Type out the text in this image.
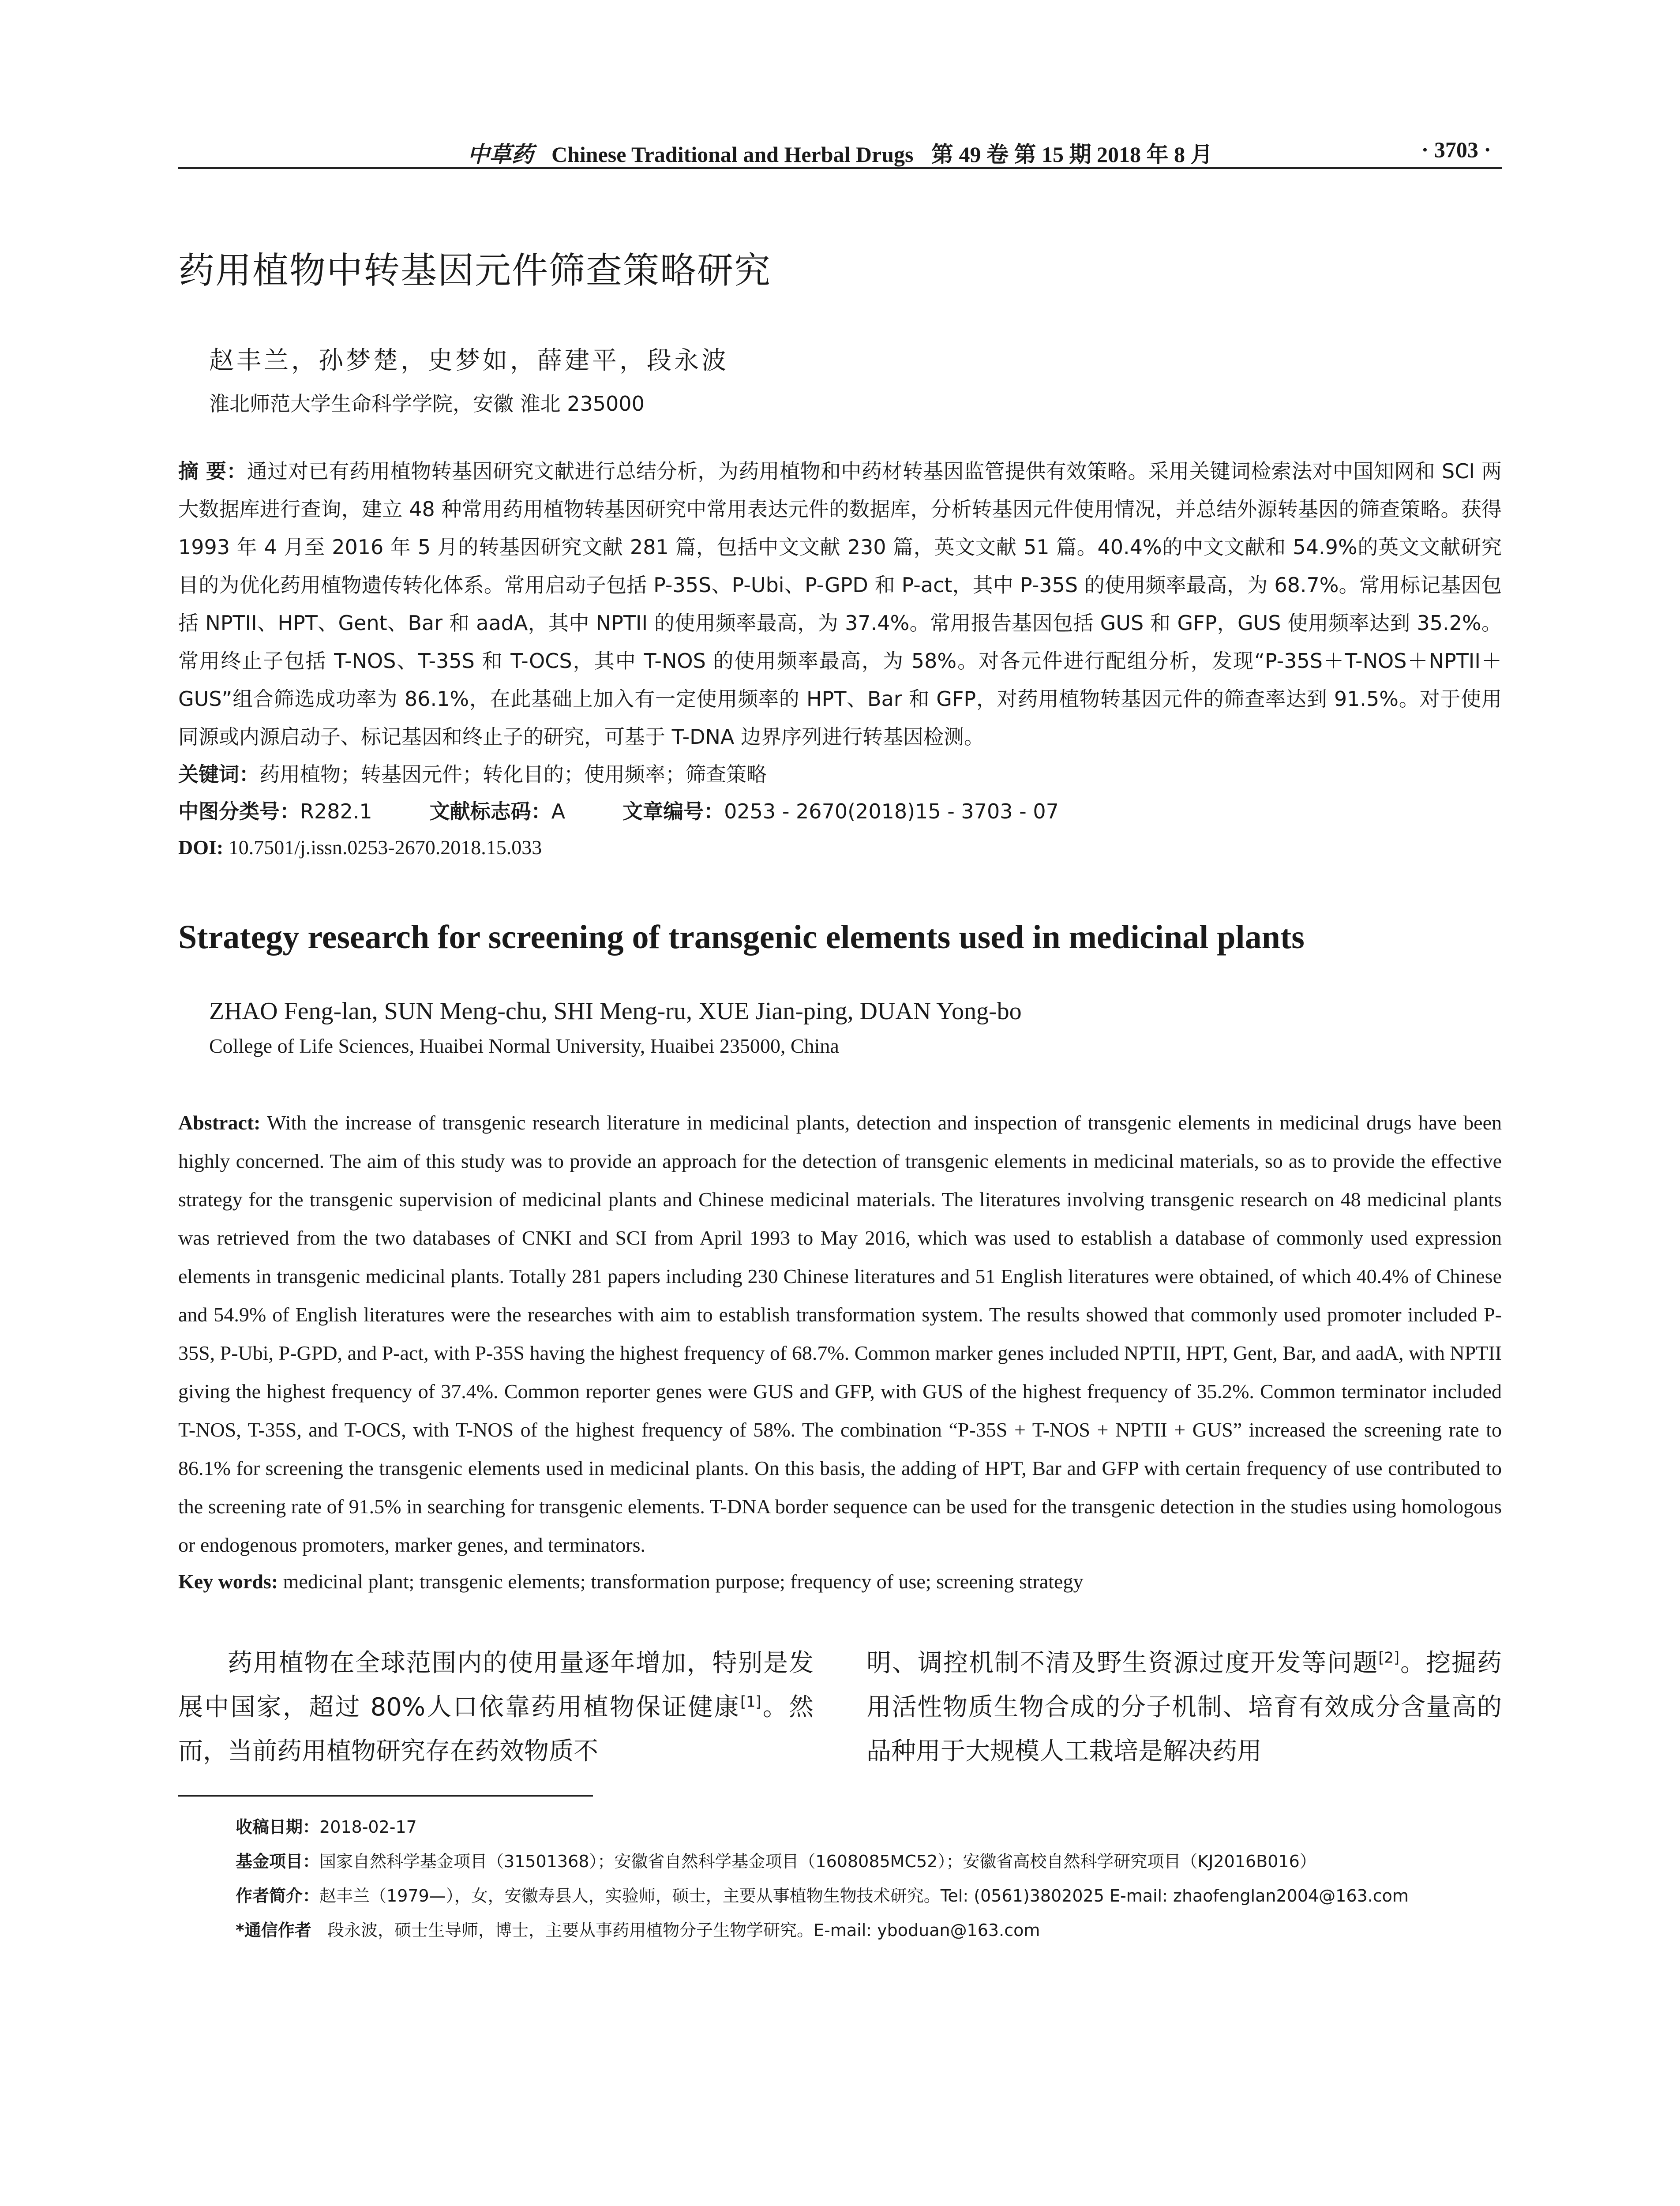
中草药 Chinese Traditional and Herbal Drugs 第 49 卷 第 15 期 2018 年 8 月	· 3703 ·
药用植物中转基因元件筛查策略研究
赵丰兰，孙梦楚，史梦如，薛建平，段永波
淮北师范大学生命科学学院，安徽 淮北 235000
摘 要：通过对已有药用植物转基因研究文献进行总结分析，为药用植物和中药材转基因监管提供有效策略。采用关键词检索法对中国知网和 SCI 两大数据库进行查询，建立 48 种常用药用植物转基因研究中常用表达元件的数据库，分析转基因元件使用情况，并总结外源转基因的筛查策略。获得 1993 年 4 月至 2016 年 5 月的转基因研究文献 281 篇，包括中文文献 230 篇，英文文献 51 篇。40.4%的中文文献和 54.9%的英文文献研究目的为优化药用植物遗传转化体系。常用启动子包括 P-35S、P-Ubi、P-GPD 和 P-act，其中 P-35S 的使用频率最高，为 68.7%。常用标记基因包括 NPTII、HPT、Gent、Bar 和 aadA，其中 NPTII 的使用频率最高，为 37.4%。常用报告基因包括 GUS 和 GFP，GUS 使用频率达到 35.2%。常用终止子包括 T-NOS、T-35S 和 T-OCS，其中 T-NOS 的使用频率最高，为 58%。对各元件进行配组分析，发现“P-35S＋T-NOS＋NPTII＋GUS”组合筛选成功率为 86.1%，在此基础上加入有一定使用频率的 HPT、Bar 和 GFP，对药用植物转基因元件的筛查率达到 91.5%。对于使用同源或内源启动子、标记基因和终止子的研究，可基于 T-DNA 边界序列进行转基因检测。
关键词：药用植物；转基因元件；转化目的；使用频率；筛查策略
中图分类号：R282.1	文献标志码：A	文章编号：0253 - 2670(2018)15 - 3703 - 07
DOI: 10.7501/j.issn.0253-2670.2018.15.033
Strategy research for screening of transgenic elements used in medicinal plants
ZHAO Feng-lan, SUN Meng-chu, SHI Meng-ru, XUE Jian-ping, DUAN Yong-bo
College of Life Sciences, Huaibei Normal University, Huaibei 235000, China
Abstract: With the increase of transgenic research literature in medicinal plants, detection and inspection of transgenic elements in medicinal drugs have been highly concerned. The aim of this study was to provide an approach for the detection of transgenic elements in medicinal materials, so as to provide the effective strategy for the transgenic supervision of medicinal plants and Chinese medicinal materials. The literatures involving transgenic research on 48 medicinal plants was retrieved from the two databases of CNKI and SCI from April 1993 to May 2016, which was used to establish a database of commonly used expression elements in transgenic medicinal plants. Totally 281 papers including 230 Chinese literatures and 51 English literatures were obtained, of which 40.4% of Chinese and 54.9% of English literatures were the researches with aim to establish transformation system. The results showed that commonly used promoter included P-35S, P-Ubi, P-GPD, and P-act, with P-35S having the highest frequency of 68.7%. Common marker genes included NPTII, HPT, Gent, Bar, and aadA, with NPTII giving the highest frequency of 37.4%. Common reporter genes were GUS and GFP, with GUS of the highest frequency of 35.2%. Common terminator included T-NOS, T-35S, and T-OCS, with T-NOS of the highest frequency of 58%. The combination “P-35S + T-NOS + NPTII + GUS” increased the screening rate to 86.1% for screening the transgenic elements used in medicinal plants. On this basis, the adding of HPT, Bar and GFP with certain frequency of use contributed to the screening rate of 91.5% in searching for transgenic elements. T-DNA border sequence can be used for the transgenic detection in the studies using homologous or endogenous promoters, marker genes, and terminators.
Key words: medicinal plant; transgenic elements; transformation purpose; frequency of use; screening strategy

药用植物在全球范围内的使用量逐年增加，特别是发展中国家，超过 80%人口依靠药用植物保证健康[1]。然而，当前药用植物研究存在药效物质不

明、调控机制不清及野生资源过度开发等问题[2]。挖掘药用活性物质生物合成的分子机制、培育有效成分含量高的品种用于大规模人工栽培是解决药用

收稿日期：2018-02-17
基金项目：国家自然科学基金项目（31501368）；安徽省自然科学基金项目（1608085MC52）；安徽省高校自然科学研究项目（KJ2016B016）
作者简介：赵丰兰（1979—），女，安徽寿县人，实验师，硕士，主要从事植物生物技术研究。Tel: (0561)3802025 E-mail: zhaofenglan2004@163.com
*通信作者 段永波，硕士生导师，博士，主要从事药用植物分子生物学研究。E-mail: yboduan@163.com
